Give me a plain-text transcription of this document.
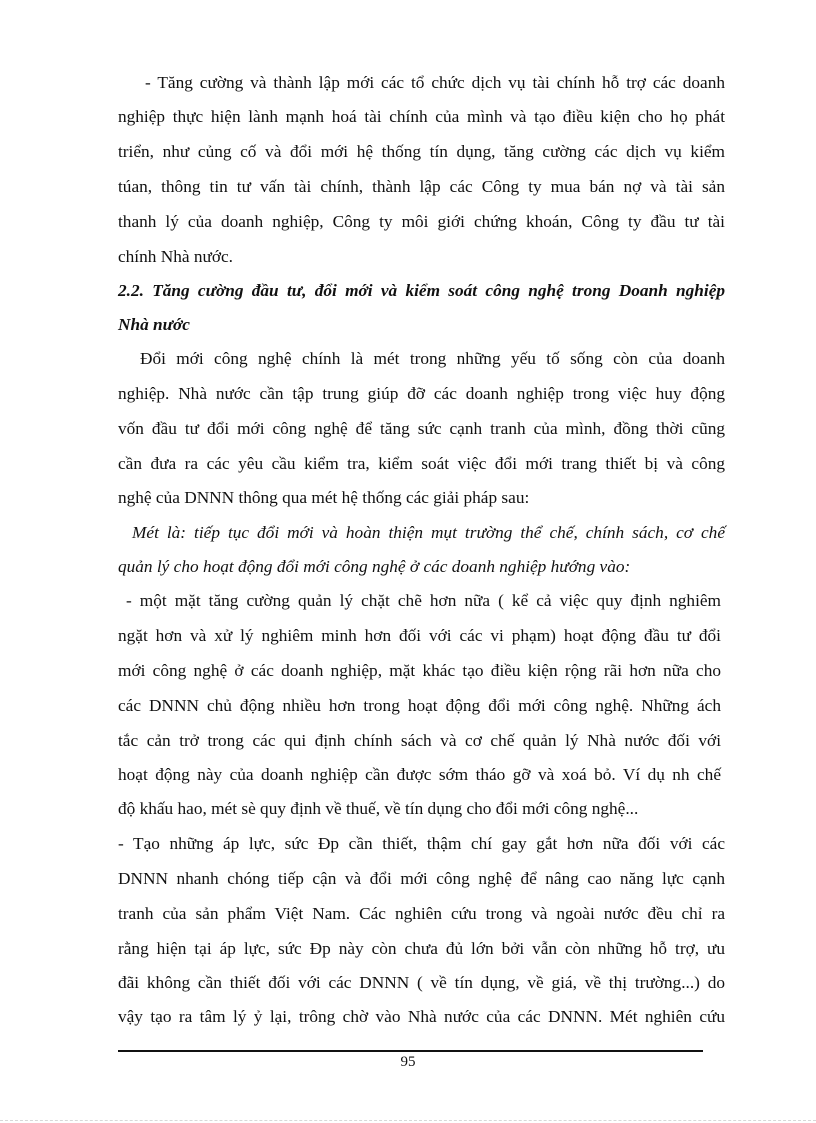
- Tăng cường và thành lập mới các tổ chức dịch vụ tài chính hỗ trợ các doanh
nghiệp thực hiện lành mạnh hoá tài chính của mình và tạo điều kiện cho họ phát
triển, như củng cố và đổi mới hệ thống tín dụng, tăng cường các dịch vụ kiểm
túan, thông tin tư vấn tài chính, thành lập các Công ty mua bán nợ và tài sản
thanh lý của doanh nghiệp, Công ty môi giới chứng khoán, Công ty đầu tư tài
chính Nhà nước.
2.2. Tăng cường đầu tư, đổi mới và kiểm soát công nghệ trong Doanh nghiệp
Nhà nước
Đổi mới công nghệ chính là mét trong những yếu tố sống còn của doanh
nghiệp. Nhà nước cần tập trung giúp đỡ các doanh nghiệp trong việc huy động
vốn đầu tư đổi mới công nghệ để tăng sức cạnh tranh của mình, đồng thời cũng
cần đưa ra các yêu cầu kiểm tra, kiểm soát việc đổi mới trang thiết bị và công
nghệ của DNNN thông qua mét hệ thống các giải pháp sau:
Mét là: tiếp tục đổi mới và hoàn thiện mụt trường thể chế, chính sách, cơ chế
quản lý cho hoạt động đổi mới công nghệ ở các doanh nghiệp hướng vào:
- một mặt tăng cường quản lý chặt chẽ hơn nữa ( kể cả việc quy định nghiêm
ngặt hơn và xử lý nghiêm minh hơn đối với các vi phạm) hoạt động đầu tư đổi
mới công nghệ ở các doanh nghiệp, mặt khác tạo điều kiện rộng rãi hơn nữa cho
các DNNN chủ động nhiều hơn trong hoạt động đổi mới công nghệ. Những ách
tắc cản trở trong các qui định chính sách và cơ chế quản lý Nhà nước đối với
hoạt động này của doanh nghiệp cần được sớm tháo gỡ và xoá bỏ. Ví dụ nh chế
độ khấu hao, mét sè quy định về thuế, về tín dụng cho đổi mới công nghệ...
- Tạo những áp lực, sức Ðp cần thiết, thậm chí gay gắt hơn nữa đối với các
DNNN nhanh chóng tiếp cận và đổi mới công nghệ để nâng cao năng lực cạnh
tranh của sản phẩm Việt Nam. Các nghiên cứu trong và ngoài nước đều chỉ ra
rằng hiện tại áp lực, sức Ðp này còn chưa đủ lớn bởi vẫn còn những hỗ trợ, ưu
đãi không cần thiết đối với các DNNN ( về tín dụng, về giá, về thị trường...) do
vậy tạo ra tâm lý ỷ lại, trông chờ vào Nhà nước của các DNNN. Mét nghiên cứu
95
